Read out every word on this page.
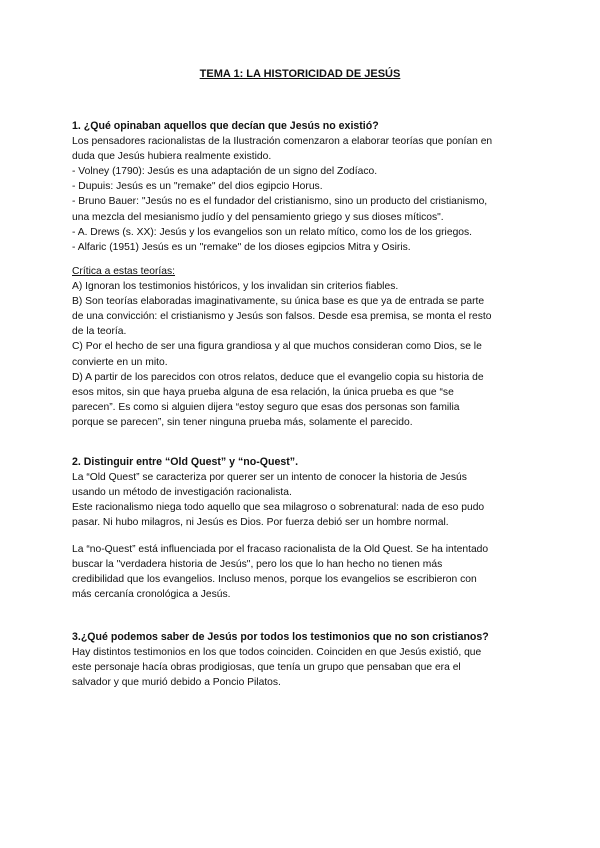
TEMA 1: LA HISTORICIDAD DE JESÚS
1. ¿Qué opinaban aquellos que decían que Jesús no existió?
Los pensadores racionalistas de la Ilustración comenzaron a elaborar teorías que ponían en
duda que Jesús hubiera realmente existido.
- Volney (1790): Jesús es una adaptación de un signo del Zodíaco.
- Dupuis: Jesús es un "remake" del dios egipcio Horus.
- Bruno Bauer: "Jesús no es el fundador del cristianismo, sino un producto del cristianismo,
una mezcla del mesianismo judío y del pensamiento griego y sus dioses míticos".
- A. Drews (s. XX): Jesús y los evangelios son un relato mítico, como los de los griegos.
- Alfaric (1951) Jesús es un "remake" de los dioses egipcios Mitra y Osiris.
Crítica a estas teorías:
A) Ignoran los testimonios históricos, y los invalidan sin criterios fiables.
B) Son teorías elaboradas imaginativamente, su única base es que ya de entrada se parte
de una convicción: el cristianismo y Jesús son falsos. Desde esa premisa, se monta el resto
de la teoría.
C) Por el hecho de ser una figura grandiosa y al que muchos consideran como Dios, se le
convierte en un mito.
D) A partir de los parecidos con otros relatos, deduce que el evangelio copia su historia de
esos mitos, sin que haya prueba alguna de esa relación, la única prueba es que “se
parecen”. Es como si alguien dijera “estoy seguro que esas dos personas son familia
porque se parecen”, sin tener ninguna prueba más, solamente el parecido.
2. Distinguir entre “Old Quest” y “no-Quest”.
La “Old Quest” se caracteriza por querer ser un intento de conocer la historia de Jesús
usando un método de investigación racionalista.
Este racionalismo niega todo aquello que sea milagroso o sobrenatural: nada de eso pudo
pasar. Ni hubo milagros, ni Jesús es Dios. Por fuerza debió ser un hombre normal.
La “no-Quest” está influenciada por el fracaso racionalista de la Old Quest. Se ha intentado
buscar la "verdadera historia de Jesús", pero los que lo han hecho no tienen más
credibilidad que los evangelios. Incluso menos, porque los evangelios se escribieron con
más cercanía cronológica a Jesús.
3.¿Qué podemos saber de Jesús por todos los testimonios que no son cristianos?
Hay distintos testimonios en los que todos coinciden. Coinciden en que Jesús existió, que
este personaje hacía obras prodigiosas, que tenía un grupo que pensaban que era el
salvador y que murió debido a Poncio Pilatos.
